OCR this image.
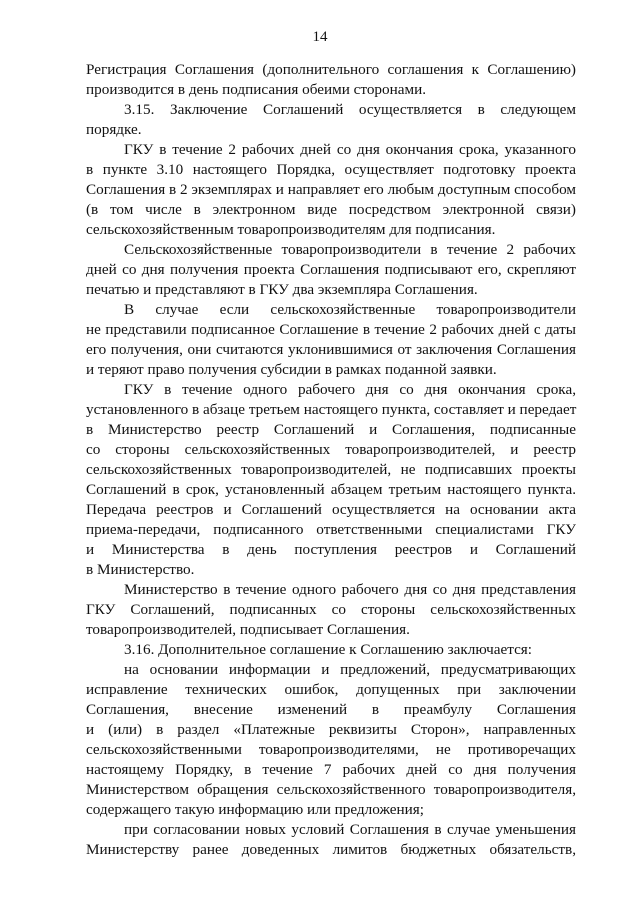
14
Регистрация Соглашения (дополнительного соглашения к Соглашению)
производится в день подписания обеими сторонами.
3.15. Заключение Соглашений осуществляется в следующем
порядке.
ГКУ в течение 2 рабочих дней со дня окончания срока, указанного
в пункте 3.10 настоящего Порядка, осуществляет подготовку проекта
Соглашения в 2 экземплярах и направляет его любым доступным способом
(в том числе в электронном виде посредством электронной связи)
сельскохозяйственным товаропроизводителям для подписания.
Сельскохозяйственные товаропроизводители в течение 2 рабочих
дней со дня получения проекта Соглашения подписывают его, скрепляют
печатью и представляют в ГКУ два экземпляра Соглашения.
В случае если сельскохозяйственные товаропроизводители
не представили подписанное Соглашение в течение 2 рабочих дней с даты
его получения, они считаются уклонившимися от заключения Соглашения
и теряют право получения субсидии в рамках поданной заявки.
ГКУ в течение одного рабочего дня со дня окончания срока,
установленного в абзаце третьем настоящего пункта, составляет и передает
в Министерство реестр Соглашений и Соглашения, подписанные
со стороны сельскохозяйственных товаропроизводителей, и реестр
сельскохозяйственных товаропроизводителей, не подписавших проекты
Соглашений в срок, установленный абзацем третьим настоящего пункта.
Передача реестров и Соглашений осуществляется на основании акта
приема-передачи, подписанного ответственными специалистами ГКУ
и Министерства в день поступления реестров и Соглашений
в Министерство.
Министерство в течение одного рабочего дня со дня представления
ГКУ Соглашений, подписанных со стороны сельскохозяйственных
товаропроизводителей, подписывает Соглашения.
3.16. Дополнительное соглашение к Соглашению заключается:
на основании информации и предложений, предусматривающих
исправление технических ошибок, допущенных при заключении
Соглашения, внесение изменений в преамбулу Соглашения
и (или) в раздел «Платежные реквизиты Сторон», направленных
сельскохозяйственными товаропроизводителями, не противоречащих
настоящему Порядку, в течение 7 рабочих дней со дня получения
Министерством обращения сельскохозяйственного товаропроизводителя,
содержащего такую информацию или предложения;
при согласовании новых условий Соглашения в случае уменьшения
Министерству ранее доведенных лимитов бюджетных обязательств,
